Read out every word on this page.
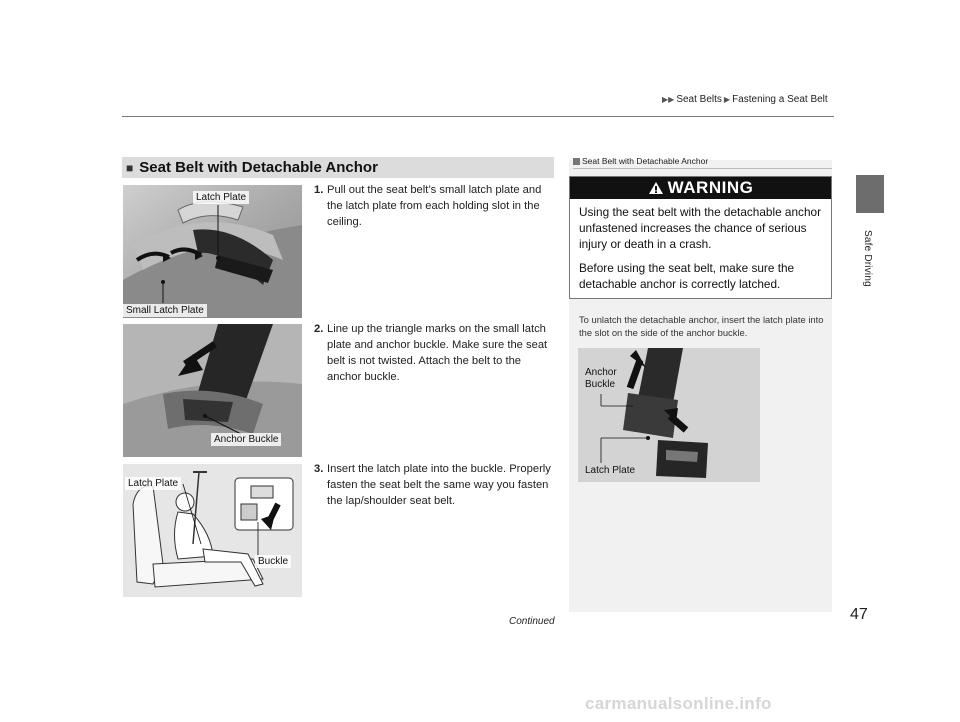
▶▶ Seat Belts ▶ Fastening a Seat Belt
Safe Driving
■ Seat Belt with Detachable Anchor
Latch Plate
Small Latch Plate
Anchor Buckle
Latch Plate
Buckle
1. Pull out the seat belt’s small latch plate and the latch plate from each holding slot in the ceiling.
2. Line up the triangle marks on the small latch plate and anchor buckle. Make sure the seat belt is not twisted. Attach the belt to the anchor buckle.
3. Insert the latch plate into the buckle. Properly fasten the seat belt the same way you fasten the lap/shoulder seat belt.
Seat Belt with Detachable Anchor
WARNING
Using the seat belt with the detachable anchor unfastened increases the chance of serious injury or death in a crash.
Before using the seat belt, make sure the detachable anchor is correctly latched.
To unlatch the detachable anchor, insert the latch plate into the slot on the side of the anchor buckle.
Anchor Buckle
Latch Plate
Continued	47
carmanualsonline.info
